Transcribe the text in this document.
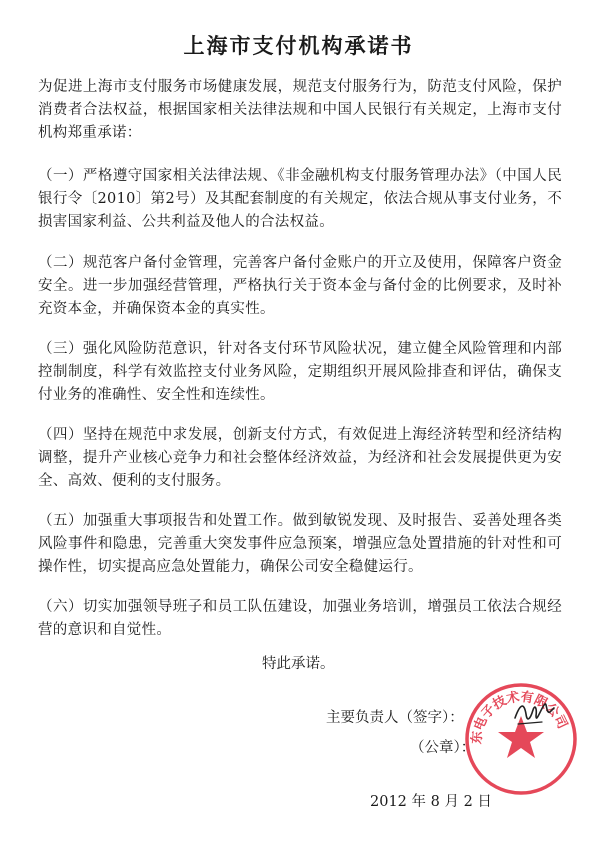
上海市支付机构承诺书
为促进上海市支付服务市场健康发展，规范支付服务行为，防范支付风险，保护消费者合法权益，根据国家相关法律法规和中国人民银行有关规定，上海市支付机构郑重承诺：
（一）严格遵守国家相关法律法规、《非金融机构支付服务管理办法》（中国人民银行令〔2010〕第2号）及其配套制度的有关规定，依法合规从事支付业务，不损害国家利益、公共利益及他人的合法权益。
（二）规范客户备付金管理，完善客户备付金账户的开立及使用，保障客户资金安全。进一步加强经营管理，严格执行关于资本金与备付金的比例要求，及时补充资本金，并确保资本金的真实性。
（三）强化风险防范意识，针对各支付环节风险状况，建立健全风险管理和内部控制制度，科学有效监控支付业务风险，定期组织开展风险排查和评估，确保支付业务的准确性、安全性和连续性。
（四）坚持在规范中求发展，创新支付方式，有效促进上海经济转型和经济结构调整，提升产业核心竞争力和社会整体经济效益，为经济和社会发展提供更为安全、高效、便利的支付服务。
（五）加强重大事项报告和处置工作。做到敏锐发现、及时报告、妥善处理各类风险事件和隐患，完善重大突发事件应急预案，增强应急处置措施的针对性和可操作性，切实提高应急处置能力，确保公司安全稳健运行。
（六）切实加强领导班子和员工队伍建设，加强业务培训，增强员工依法合规经营的意识和自觉性。
特此承诺。
主要负责人（签字）：
（公章）：
2012 年 8 月 2 日
东电子技术有限公司
